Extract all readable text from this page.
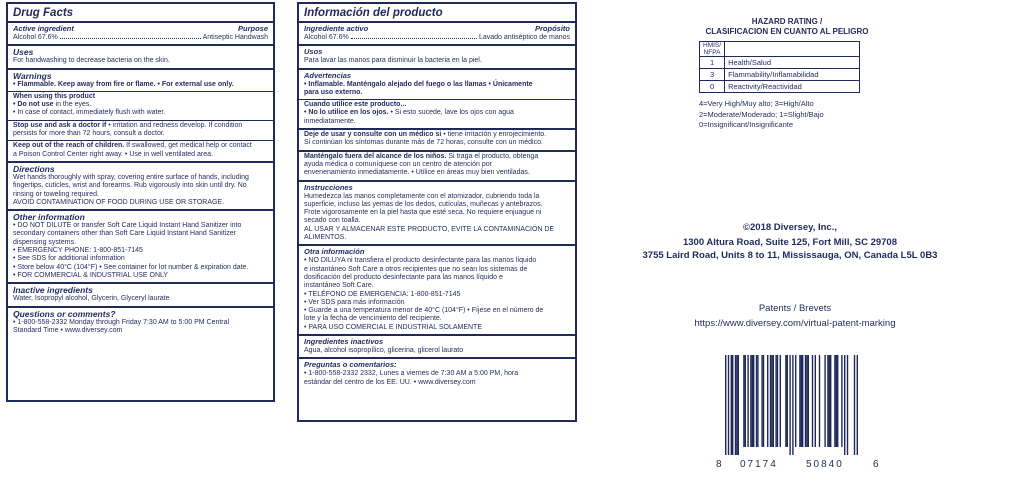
Drug Facts
Active ingredient	Purpose
Alcohol 67.6%	Antiseptic Handwash
Uses
For handwashing to decrease bacteria on the skin.
Warnings
• Flammable. Keep away from fire or flame. • For external use only.
When using this product
• Do not use in the eyes.
• In case of contact, immediately flush with water.
Stop use and ask a doctor if • irritation and redness develop. If condition
persists for more than 72 hours, consult a doctor.
Keep out of the reach of children. If swallowed, get medical help or contact
a Poison Control Center right away. • Use in well ventilated area.
Directions
Wet hands thoroughly with spray, covering entire surface of hands, including
fingertips, cuticles, wrist and forearms. Rub vigorously into skin until dry. No
rinsing or toweling required.
AVOID CONTAMINATION OF FOOD DURING USE OR STORAGE.
Other information
• DO NOT DILUTE or transfer Soft Care Liquid Instant Hand Sanitizer into
secondary containers other than Soft Care Liquid Instant Hand Sanitizer
dispensing systems.
• EMERGENCY PHONE: 1-800-851-7145
• See SDS for additional information
• Store below 40°C (104°F) • See container for lot number & expiration date.
• FOR COMMERCIAL & INDUSTRIAL USE ONLY
Inactive ingredients
Water, Isopropyl alcohol, Glycerin, Glyceryl laurate
Questions or comments?
• 1-800-558-2332 Monday through Friday 7:30 AM to 5:00 PM Central
Standard Time • www.diversey.com
Información del producto
Ingrediente activo	Propósito
Alcohol 67.6%	Lavado antiséptico de manos
Usos
Para lavar las manos para disminuir la bacteria en la piel.
Advertencias
• Inflamable. Manténgalo alejado del fuego o las llamas • Únicamente
para uso externo.
Cuando utilice este producto...
• No lo utilice en los ojos. • Si esto sucede, lave los ojos con agua
inmediatamente.
Deje de usar y consulte con un médico si • tiene irritación y enrojecimiento.
Si continúan los síntomas durante más de 72 horas, consulte con un médico.
Manténgalo fuera del alcance de los niños. Si traga el producto, obtenga
ayuda médica o comuníquese con un centro de atención por
envenenamiento inmediatamente. • Utilice en áreas muy bien ventiladas.
Instrucciones
Humedezca las manos completamente con el atomizador, cubriendo toda la
superficie, incluso las yemas de los dedos, cutículas, muñecas y antebrazos.
Frote vigorosamente en la piel hasta que esté seca. No requiere enjuague ni
secado con toalla.
AL USAR Y ALMACENAR ESTE PRODUCTO, EVITE LA CONTAMINACIÓN DE
ALIMENTOS.
Otra información
• NO DILUYA ni transfiera el producto desinfectante para las manos líquido
e instantáneo Soft Care a otros recipientes que no sean los sistemas de
dosificación del producto desinfectante para las manos líquido e
instantáneo Soft Care.
• TELÉFONO DE EMERGENCIA: 1-800-851-7145
• Ver SDS para más información
• Guarde a una temperatura menor de 40°C (104°F) • Fíjese en el número de
lote y la fecha de vencimiento del recipiente.
• PARA USO COMERCIAL E INDUSTRIAL SOLAMENTE
Ingredientes inactivos
Agua, alcohol isopropílico, glicerina, glicerol laurato
Preguntas o comentarios:
• 1-800-558-2332 2332, Lunes a viernes de 7:30 AM a 5:00 PM, hora
estándar del centro de los EE. UU. • www.diversey.com
HAZARD RATING /
CLASIFICACION EN CUANTO AL PELIGRO
HMIS/
NFPA	

1	Health/Salud
3	Flammability/Inflamabilidad
0	Reactivity/Reactividad
4=Very High/Muy alto; 3=High/Alto
2=Moderate/Moderado; 1=Slight/Bajo
0=Insignificant/Insignificante
©2018 Diversey, Inc.,
1300 Altura Road, Suite 125, Fort Mill, SC 29708
3755 Laird Road, Units 8 to 11, Mississauga, ON, Canada L5L 0B3
Patents / Brevets
https://www.diversey.com/virtual-patent-marking
8 07174	50840	6
